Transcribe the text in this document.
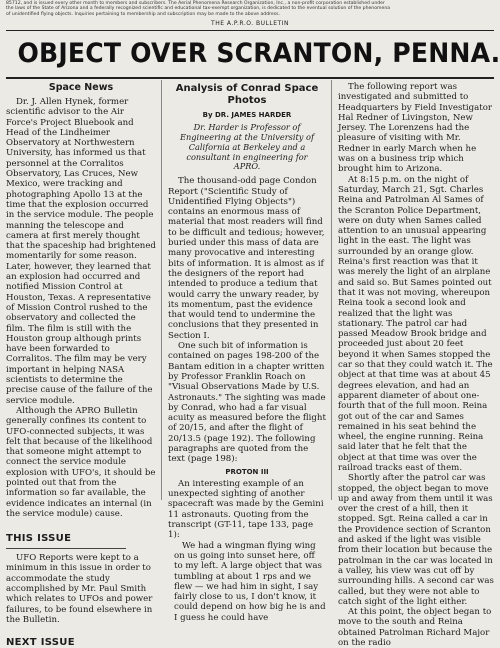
85712, and is issued every other month to members and subscribers. The Aerial Phenomena Research Organization, Inc., a non-profit corporation established under

the laws of the State of Arizona and a federally recognized scientific and educational tax-exempt organization, is dedicated to the eventual solution of the phenomena

of unidentified flying objects. Inquiries pertaining to membership and subscription may be made to the above address.

THE A.P.R.O. BULLETIN
OBJECT OVER SCRANTON, PENNA.
Space News

Dr. J. Allen Hynek, former scientific advisor to the Air Force's Project Bluebook and Head of the Lindheimer Observatory at Northwestern University, has informed us that personnel at the Corralitos Observatory, Las Cruces, New Mexico, were tracking and photographing Apollo 13 at the time that the explosion occurred in the service module. The people manning the telescope and camera at first merely thought that the spaceship had brightened momentarily for some reason. Later, however, they learned that an explosion had occurred and notified Mission Control at Houston, Texas. A representative of Mission Control rushed to the observatory and collected the film. The film is still with the Houston group although prints have been forwarded to Corralitos. The film may be very important in helping NASA scientists to determine the precise cause of the failure of the service module.

Although the APRO Bulletin generally confines its content to UFO-connected subjects, it was felt that because of the likelihood that someone might attempt to connect the service module explosion with UFO's, it should be pointed out that from the information so far available, the evidence indicates an internal (in the service module) cause.

THIS ISSUE

UFO Reports were kept to a minimum in this issue in order to accommodate the study accomplished by Mr. Paul Smith which relates to UFOs and power failures, to be found elsewhere in the Bulletin.

NEXT ISSUE
Analysis of Conrad Space Photos
By DR. JAMES HARDER
Dr. Harder is Professor of Engineering at the University of California at Berkeley and a consultant in engineering for APRO.

The thousand-odd page Condon Report ("Scientific Study of Unidentified Flying Objects") contains an enormous mass of material that most readers will find to be difficult and tedious; however, buried under this mass of data are many provocative and interesting bits of information. It is almost as if the designers of the report had intended to produce a tedium that would carry the unwary reader, by its momentum, past the evidence that would tend to undermine the conclusions that they presented in Section I.

One such bit of information is contained on pages 198-200 of the Bantam edition in a chapter written by Professor Franklin Roach on "Visual Observations Made by U.S. Astronauts." The sighting was made by Conrad, who had a far visual acuity as measured before the flight of 20/15, and after the flight of 20/13.5 (page 192). The following paragraphs are quoted from the text (page 198):

PROTON III

An interesting example of an unexpected sighting of another spacecraft was made by the Gemini 11 astronauts. Quoting from the transcript (GT-11, tape 133, page 1):

We had a wingman flying wing on us going into sunset here, off to my left. A large object that was tumbling at about 1 rps and we flew — we had him in sight, I say fairly close to us, I don't know, it could depend on how big he is and I guess he could have

The following report was investigated and submitted to Headquarters by Field Investigator Hal Redner of Livingston, New Jersey. The Lorenzens had the pleasure of visiting with Mr. Redner in early March when he was on a business trip which brought him to Arizona.

At 8:15 p.m. on the night of Saturday, March 21, Sgt. Charles Reina and Patrolman Al Sames of the Scranton Police Department, were on duty when Sames called attention to an unusual appearing light in the east. The light was surrounded by an orange glow. Reina's first reaction was that it was merely the light of an airplane and said so. But Sames pointed out that it was not moving, whereupon Reina took a second look and realized that the light was stationary. The patrol car had passed Meadow Brook bridge and proceeded just about 20 feet beyond it when Sames stopped the car so that they could watch it. The object at that time was at about 45 degrees elevation, and had an apparent diameter of about one-fourth that of the full moon. Reina got out of the car and Sames remained in his seat behind the wheel, the engine running. Reina said later that he felt that the object at that time was over the railroad tracks east of them.

Shortly after the patrol car was stopped, the object began to move up and away from them until it was over the crest of a hill, then it stopped. Sgt. Reina called a car in the Providence section of Scranton and asked if the light was visible from their location but because the patrolman in the car was located in a valley, his view was cut off by surrounding hills. A second car was called, but they were not able to catch sight of the light either.

At this point, the object began to move to the south and Reina obtained Patrolman Richard Major on the radio
